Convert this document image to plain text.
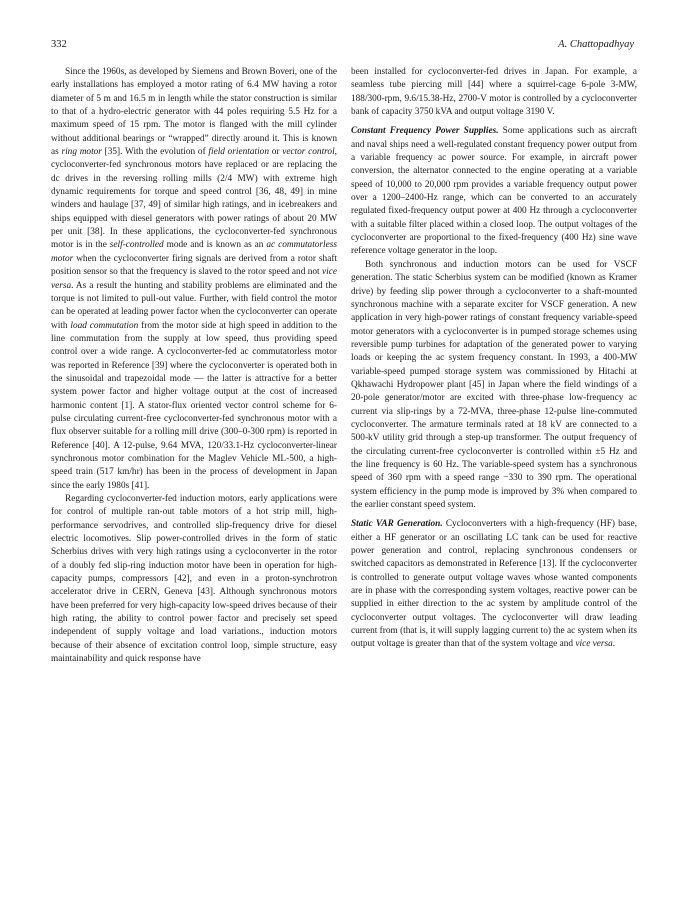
332	A. Chattopadhyay

Since the 1960s, as developed by Siemens and Brown Boveri, one of the early installations has employed a motor rating of 6.4 MW having a rotor diameter of 5 m and 16.5 m in length while the stator construction is similar to that of a hydro-electric generator with 44 poles requiring 5.5 Hz for a maximum speed of 15 rpm. The motor is flanged with the mill cylinder without additional bearings or “wrapped” directly around it. This is known as ring motor [35]. With the evolution of field orientation or vector control, cycloconverter-fed synchronous motors have replaced or are replacing the dc drives in the reversing rolling mills (2/4 MW) with extreme high dynamic requirements for torque and speed control [36, 48, 49] in mine winders and haulage [37, 49] of similar high ratings, and in icebreakers and ships equipped with diesel generators with power ratings of about 20 MW per unit [38]. In these applications, the cycloconverter-fed synchronous motor is in the self-controlled mode and is known as an ac commutatorless motor when the cycloconverter firing signals are derived from a rotor shaft position sensor so that the frequency is slaved to the rotor speed and not vice versa. As a result the hunting and stability problems are eliminated and the torque is not limited to pull-out value. Further, with field control the motor can be operated at leading power factor when the cycloconverter can operate with load commutation from the motor side at high speed in addition to the line commutation from the supply at low speed, thus providing speed control over a wide range. A cycloconverter-fed ac commutatorless motor was reported in Reference [39] where the cycloconverter is operated both in the sinusoidal and trapezoidal mode — the latter is attractive for a better system power factor and higher voltage output at the cost of increased harmonic content [1]. A stator-flux oriented vector control scheme for 6-pulse circulating current-free cycloconverter-fed synchronous motor with a flux observer suitable for a rolling mill drive (300–0-300 rpm) is reported in Reference [40]. A 12-pulse, 9.64 MVA, 120/33.1-Hz cycloconverter-linear synchronous motor combination for the Maglev Vehicle ML-500, a high-speed train (517 km/hr) has been in the process of development in Japan since the early 1980s [41].

Regarding cycloconverter-fed induction motors, early applications were for control of multiple ran-out table motors of a hot strip mill, high-performance servodrives, and controlled slip-frequency drive for diesel electric locomotives. Slip power-controlled drives in the form of static Scherbius drives with very high ratings using a cycloconverter in the rotor of a doubly fed slip-ring induction motor have been in operation for high-capacity pumps, compressors [42], and even in a proton-synchrotron accelerator drive in CERN, Geneva [43]. Although synchronous motors have been preferred for very high-capacity low-speed drives because of their high rating, the ability to control power factor and precisely set speed independent of supply voltage and load variations., induction motors because of their absence of excitation control loop, simple structure, easy maintainability and quick response have

been installed for cycloconverter-fed drives in Japan. For example, a seamless tube piercing mill [44] where a squirrel-cage 6-pole 3-MW, 188/300-rpm, 9.6/15.38-Hz, 2700-V motor is controlled by a cycloconverter bank of capacity 3750 kVA and output voltage 3190 V.

Constant Frequency Power Supplies. Some applications such as aircraft and naval ships need a well-regulated constant frequency power output from a variable frequency ac power source. For example, in aircraft power conversion, the alternator connected to the engine operating at a variable speed of 10,000 to 20,000 rpm provides a variable frequency output power over a 1200–2400-Hz range, which can be converted to an accurately regulated fixed-frequency output power at 400 Hz through a cycloconverter with a suitable filter placed within a closed loop. The output voltages of the cycloconverter are proportional to the fixed-frequency (400 Hz) sine wave reference voltage generator in the loop.

Both synchronous and induction motors can be used for VSCF generation. The static Scherbius system can be modified (known as Kramer drive) by feeding slip power through a cycloconverter to a shaft-mounted synchronous machine with a separate exciter for VSCF generation. A new application in very high-power ratings of constant frequency variable-speed motor generators with a cycloconverter is in pumped storage schemes using reversible pump turbines for adaptation of the generated power to varying loads or keeping the ac system frequency constant. In 1993, a 400-MW variable-speed pumped storage system was commissioned by Hitachi at Qkhawachi Hydropower plant [45] in Japan where the field windings of a 20-pole generator/motor are excited with three-phase low-frequency ac current via slip-rings by a 72-MVA, three-phase 12-pulse line-commuted cycloconverter. The armature terminals rated at 18 kV are connected to a 500-kV utility grid through a step-up transformer. The output frequency of the circulating current-free cycloconverter is controlled within ±5 Hz and the line frequency is 60 Hz. The variable-speed system has a synchronous speed of 360 rpm with a speed range −330 to 390 rpm. The operational system efficiency in the pump mode is improved by 3% when compared to the earlier constant speed system.

Static VAR Generation. Cycloconverters with a high-frequency (HF) base, either a HF generator or an oscillating LC tank can be used for reactive power generation and control, replacing synchronous condensers or switched capacitors as demonstrated in Reference [13]. If the cycloconverter is controlled to generate output voltage waves whose wanted components are in phase with the corresponding system voltages, reactive power can be supplied in either direction to the ac system by amplitude control of the cycloconverter output voltages. The cycloconverter will draw leading current from (that is, it will supply lagging current to) the ac system when its output voltage is greater than that of the system voltage and vice versa.
